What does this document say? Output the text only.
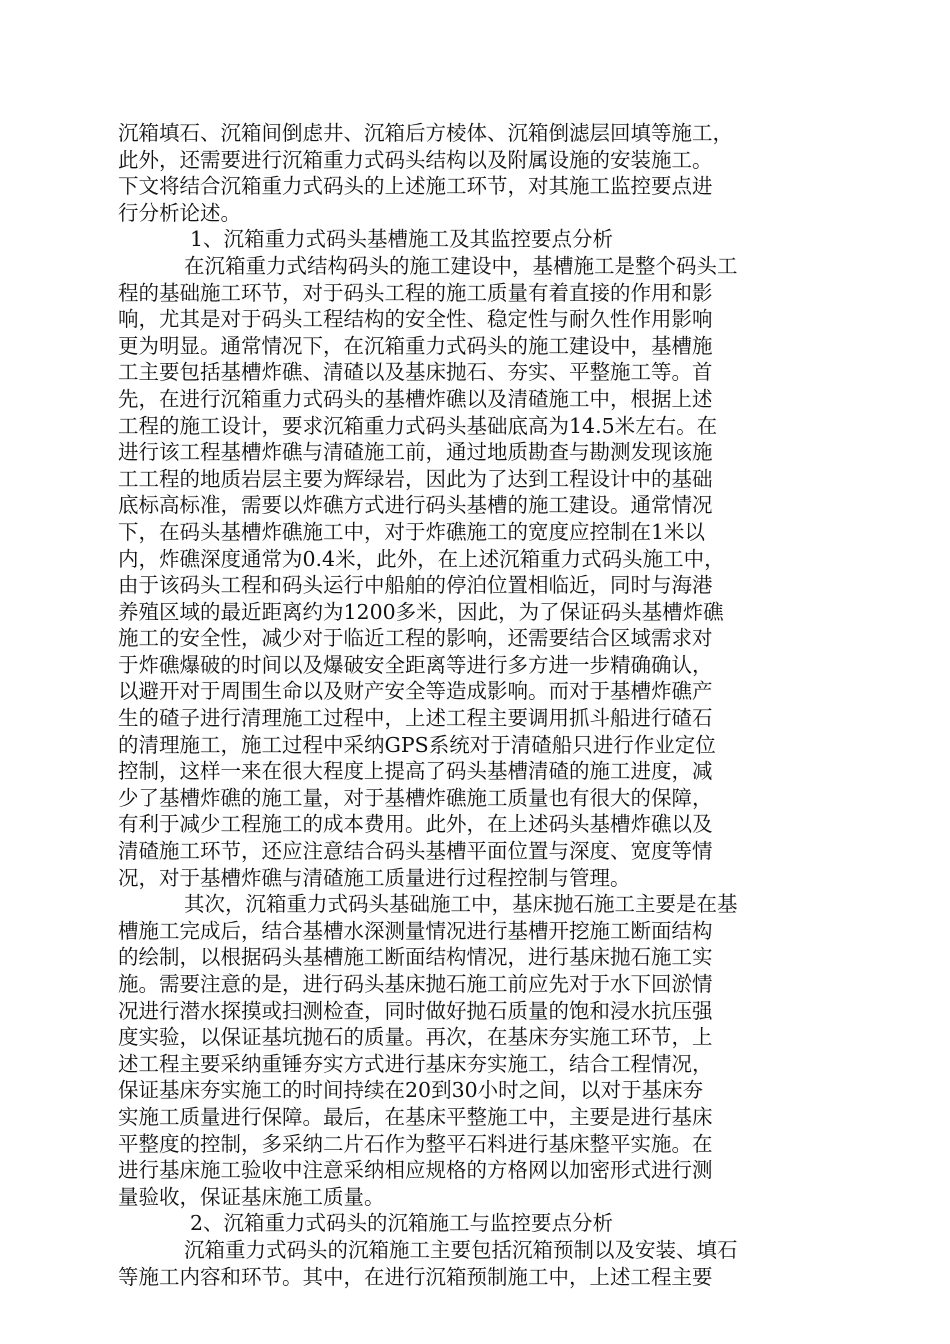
沉箱填石、沉箱间倒虑井、沉箱后方棱体、沉箱倒滤层回填等施工，
此外，还需要进行沉箱重力式码头结构以及附属设施的安装施工。
下文将结合沉箱重力式码头的上述施工环节，对其施工监控要点进
行分析论述。
1、沉箱重力式码头基槽施工及其监控要点分析
在沉箱重力式结构码头的施工建设中，基槽施工是整个码头工
程的基础施工环节，对于码头工程的施工质量有着直接的作用和影
响，尤其是对于码头工程结构的安全性、稳定性与耐久性作用影响
更为明显。通常情况下，在沉箱重力式码头的施工建设中，基槽施
工主要包括基槽炸礁、清碴以及基床抛石、夯实、平整施工等。首
先，在进行沉箱重力式码头的基槽炸礁以及清碴施工中，根据上述
工程的施工设计，要求沉箱重力式码头基础底高为14.5米左右。在
进行该工程基槽炸礁与清碴施工前，通过地质勘查与勘测发现该施
工工程的地质岩层主要为辉绿岩，因此为了达到工程设计中的基础
底标高标准，需要以炸礁方式进行码头基槽的施工建设。通常情况
下，在码头基槽炸礁施工中，对于炸礁施工的宽度应控制在1米以
内，炸礁深度通常为0.4米，此外，在上述沉箱重力式码头施工中，
由于该码头工程和码头运行中船舶的停泊位置相临近，同时与海港
养殖区域的最近距离约为1200多米，因此，为了保证码头基槽炸礁
施工的安全性，减少对于临近工程的影响，还需要结合区域需求对
于炸礁爆破的时间以及爆破安全距离等进行多方进一步精确确认，
以避开对于周围生命以及财产安全等造成影响。而对于基槽炸礁产
生的碴子进行清理施工过程中，上述工程主要调用抓斗船进行碴石
的清理施工，施工过程中采纳GPS系统对于清碴船只进行作业定位
控制，这样一来在很大程度上提高了码头基槽清碴的施工进度，减
少了基槽炸礁的施工量，对于基槽炸礁施工质量也有很大的保障，
有利于减少工程施工的成本费用。此外，在上述码头基槽炸礁以及
清碴施工环节，还应注意结合码头基槽平面位置与深度、宽度等情
况，对于基槽炸礁与清碴施工质量进行过程控制与管理。
其次，沉箱重力式码头基础施工中，基床抛石施工主要是在基
槽施工完成后，结合基槽水深测量情况进行基槽开挖施工断面结构
的绘制，以根据码头基槽施工断面结构情况，进行基床抛石施工实
施。需要注意的是，进行码头基床抛石施工前应先对于水下回淤情
况进行潜水探摸或扫测检查，同时做好抛石质量的饱和浸水抗压强
度实验，以保证基坑抛石的质量。再次，在基床夯实施工环节，上
述工程主要采纳重锤夯实方式进行基床夯实施工，结合工程情况，
保证基床夯实施工的时间持续在20到30小时之间，以对于基床夯
实施工质量进行保障。最后，在基床平整施工中，主要是进行基床
平整度的控制，多采纳二片石作为整平石料进行基床整平实施。在
进行基床施工验收中注意采纳相应规格的方格网以加密形式进行测
量验收，保证基床施工质量。
2、沉箱重力式码头的沉箱施工与监控要点分析
沉箱重力式码头的沉箱施工主要包括沉箱预制以及安装、填石
等施工内容和环节。其中，在进行沉箱预制施工中，上述工程主要
